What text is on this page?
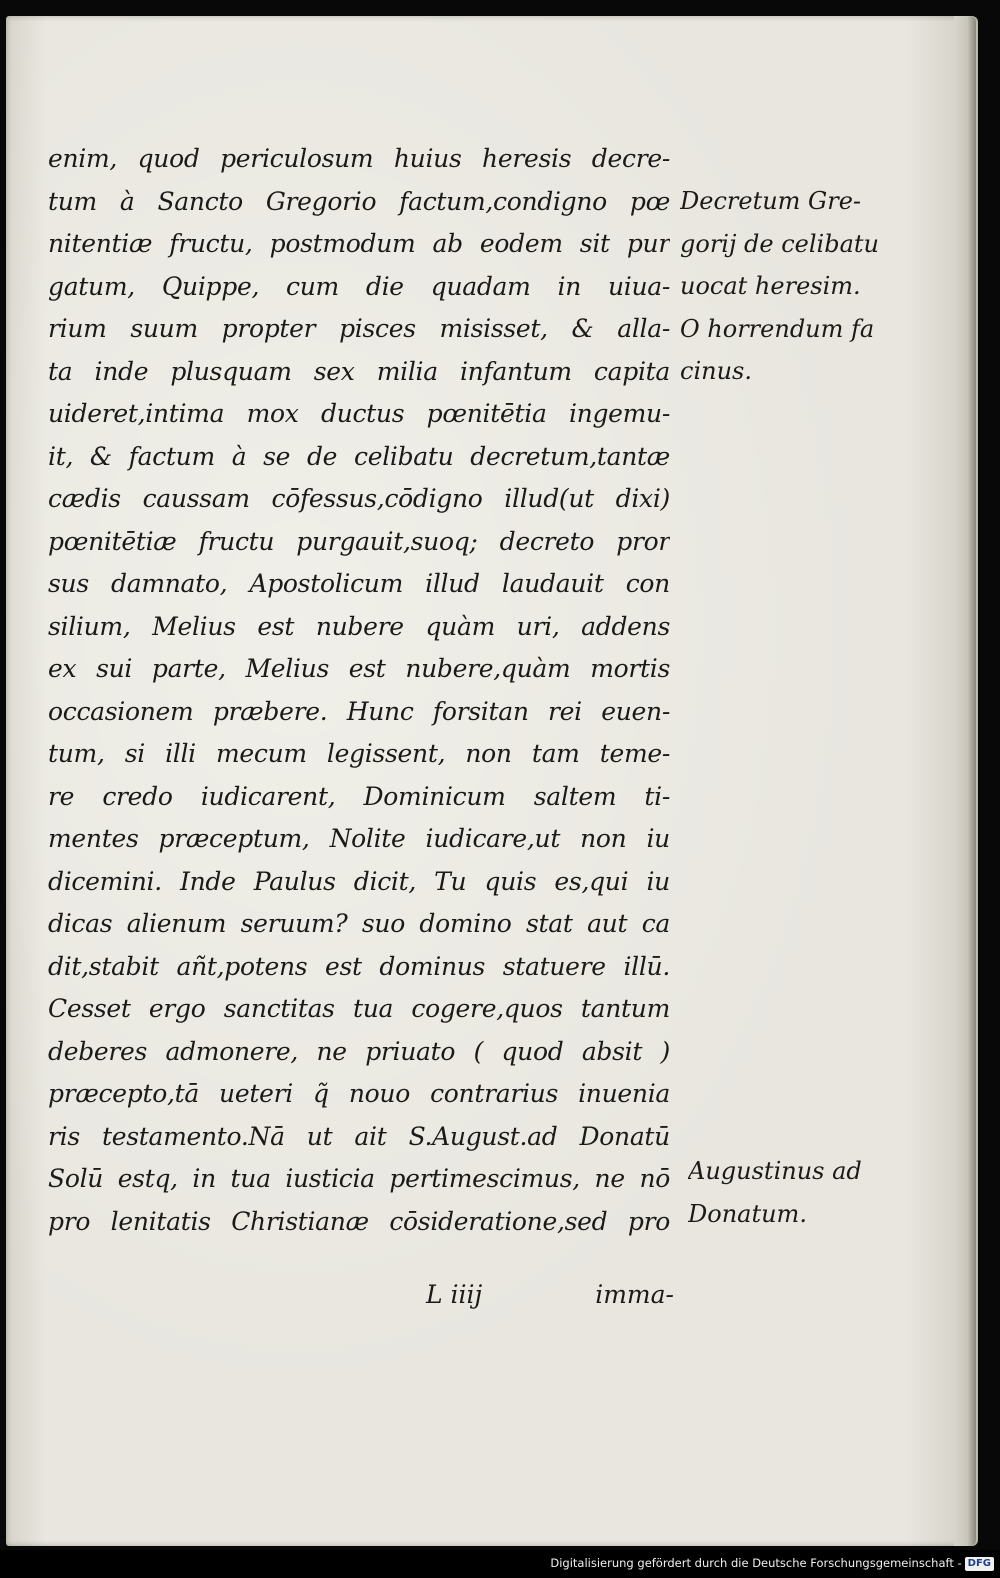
enim, quod periculosum huius heresis decre-
tum à Sancto Gregorio factum,condigno pœ
nitentiæ fructu, postmodum ab eodem sit pur
gatum, Quippe, cum die quadam in uiua-
rium suum propter pisces misisset, & alla-
ta inde plusquam sex milia infantum capita
uideret,intima mox ductus pœnitētia ingemu-
it, & factum à se de celibatu decretum,tantæ
cædis caussam cōfessus,cōdigno illud(ut dixi)
pœnitētiæ fructu purgauit,suoq; decreto pror
sus damnato, Apostolicum illud laudauit con
silium, Melius est nubere quàm uri, addens
ex sui parte, Melius est nubere,quàm mortis
occasionem præbere. Hunc forsitan rei euen-
tum, si illi mecum legissent, non tam teme-
re credo iudicarent, Dominicum saltem ti-
mentes præceptum, Nolite iudicare,ut non iu
dicemini. Inde Paulus dicit, Tu quis es,qui iu
dicas alienum seruum? suo domino stat aut ca
dit,stabit añt,potens est dominus statuere illū.
Cesset ergo sanctitas tua cogere,quos tantum
deberes admonere, ne priuato ( quod absit )
præcepto,tā ueteri q̃ nouo contrarius inuenia
ris testamento.Nā ut ait S.August.ad Donatū
Solū estq, in tua iusticia pertimescimus, ne nō
pro lenitatis Christianæ cōsideratione,sed pro
L iiij	imma-
Decretum Gre-
gorij de celibatu
uocat heresim.
O horrendum fa
cinus.
Augustinus ad
Donatum.
Digitalisierung gefördert durch die Deutsche Forschungsgemeinschaft - DFG
